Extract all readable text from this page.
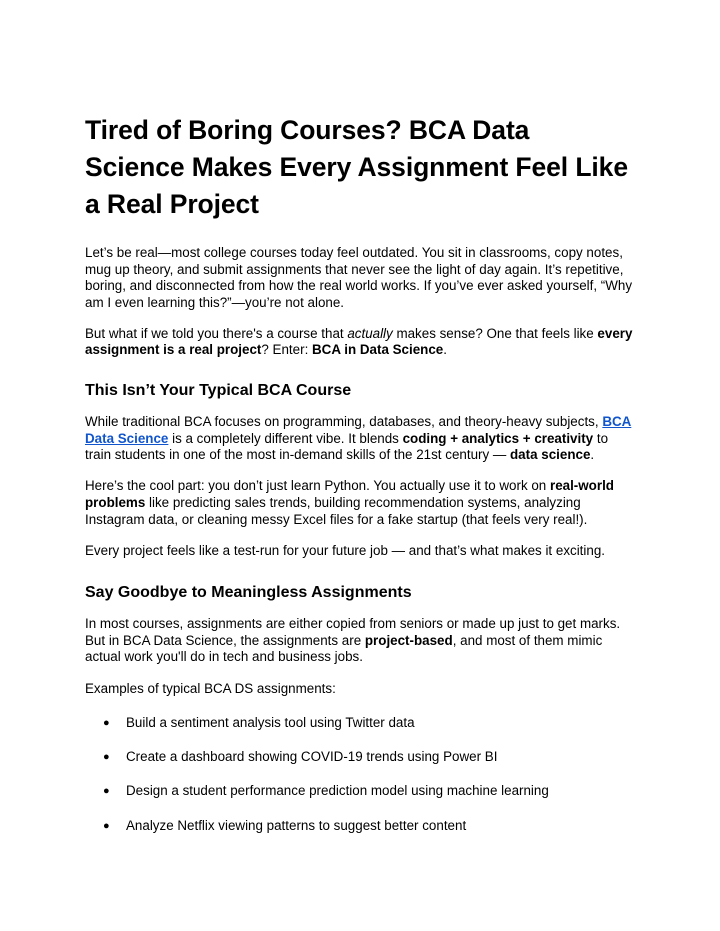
Tired of Boring Courses? BCA Data Science Makes Every Assignment Feel Like a Real Project

Let’s be real—most college courses today feel outdated. You sit in classrooms, copy notes, mug up theory, and submit assignments that never see the light of day again. It’s repetitive, boring, and disconnected from how the real world works. If you’ve ever asked yourself, “Why am I even learning this?”—you’re not alone.

But what if we told you there's a course that actually makes sense? One that feels like every assignment is a real project? Enter: BCA in Data Science.

This Isn’t Your Typical BCA Course

While traditional BCA focuses on programming, databases, and theory-heavy subjects, BCA Data Science is a completely different vibe. It blends coding + analytics + creativity to train students in one of the most in-demand skills of the 21st century — data science.

Here’s the cool part: you don’t just learn Python. You actually use it to work on real-world problems like predicting sales trends, building recommendation systems, analyzing Instagram data, or cleaning messy Excel files for a fake startup (that feels very real!).

Every project feels like a test-run for your future job — and that’s what makes it exciting.

Say Goodbye to Meaningless Assignments

In most courses, assignments are either copied from seniors or made up just to get marks. But in BCA Data Science, the assignments are project-based, and most of them mimic actual work you'll do in tech and business jobs.

Examples of typical BCA DS assignments:

● Build a sentiment analysis tool using Twitter data
● Create a dashboard showing COVID-19 trends using Power BI
● Design a student performance prediction model using machine learning
● Analyze Netflix viewing patterns to suggest better content
